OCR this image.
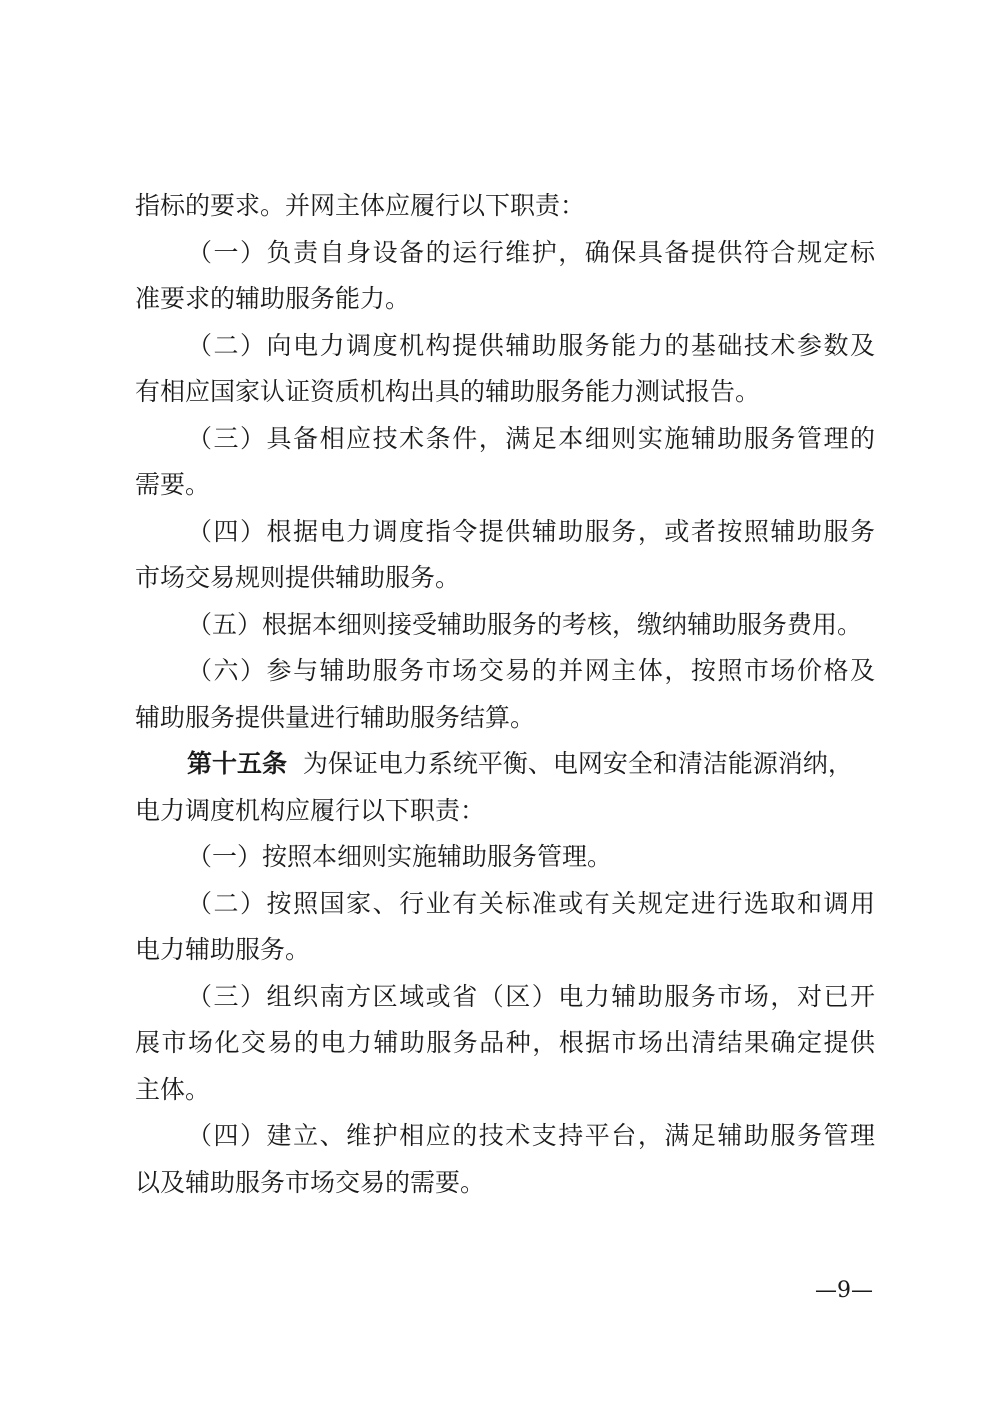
指标的要求。并网主体应履行以下职责：
（一）负责自身设备的运行维护，确保具备提供符合规定标
准要求的辅助服务能力。
（二）向电力调度机构提供辅助服务能力的基础技术参数及
有相应国家认证资质机构出具的辅助服务能力测试报告。
（三）具备相应技术条件，满足本细则实施辅助服务管理的
需要。
（四）根据电力调度指令提供辅助服务，或者按照辅助服务
市场交易规则提供辅助服务。
（五）根据本细则接受辅助服务的考核，缴纳辅助服务费用。
（六）参与辅助服务市场交易的并网主体，按照市场价格及
辅助服务提供量进行辅助服务结算。
第十五条 为保证电力系统平衡、电网安全和清洁能源消纳，
电力调度机构应履行以下职责：
（一）按照本细则实施辅助服务管理。
（二）按照国家、行业有关标准或有关规定进行选取和调用
电力辅助服务。
（三）组织南方区域或省（区）电力辅助服务市场，对已开
展市场化交易的电力辅助服务品种，根据市场出清结果确定提供
主体。
（四）建立、维护相应的技术支持平台，满足辅助服务管理
以及辅助服务市场交易的需要。
—9—
